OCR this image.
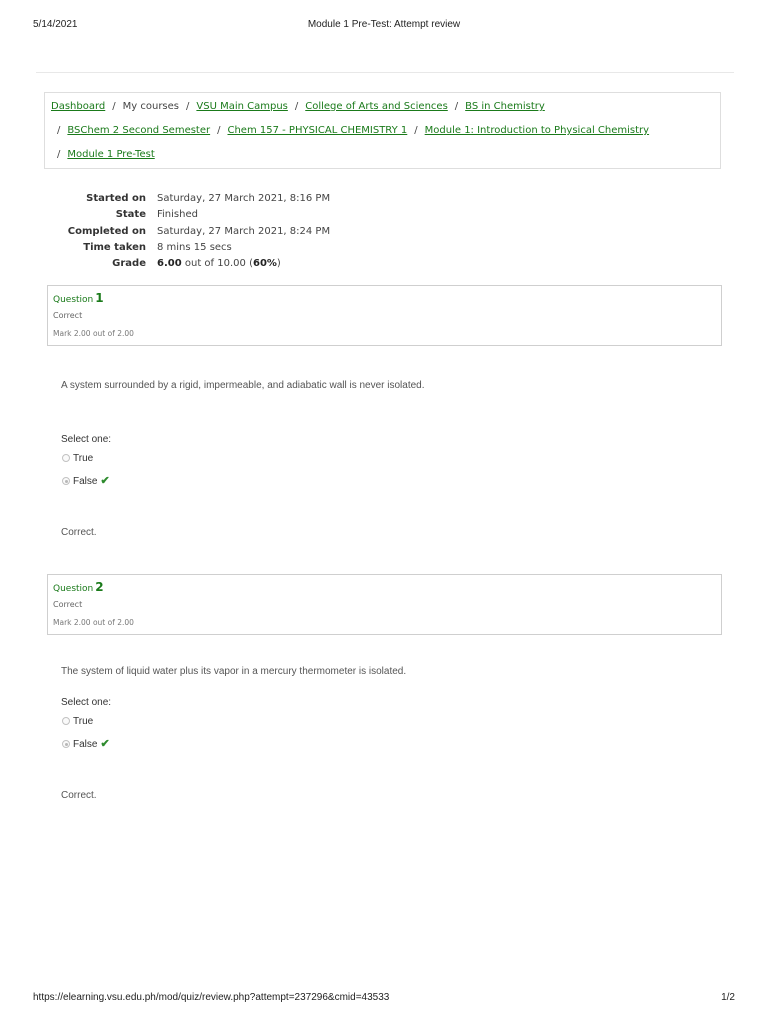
5/14/2021	Module 1 Pre-Test: Attempt review
Dashboard / My courses / VSU Main Campus / College of Arts and Sciences / BS in Chemistry
/ BSChem 2 Second Semester / Chem 157 - PHYSICAL CHEMISTRY 1 / Module 1: Introduction to Physical Chemistry
/ Module 1 Pre-Test
Started on Saturday, 27 March 2021, 8:16 PM
State Finished
Completed on Saturday, 27 March 2021, 8:24 PM
Time taken 8 mins 15 secs
Grade 6.00 out of 10.00 (60%)
Question 1
Correct
Mark 2.00 out of 2.00
A system surrounded by a rigid, impermeable, and adiabatic wall is never isolated.
Select one:
True
False ✔
Correct.
Question 2
Correct
Mark 2.00 out of 2.00
The system of liquid water plus its vapor in a mercury thermometer is isolated.
Select one:
True
False ✔
Correct.
https://elearning.vsu.edu.ph/mod/quiz/review.php?attempt=237296&cmid=43533	1/2
